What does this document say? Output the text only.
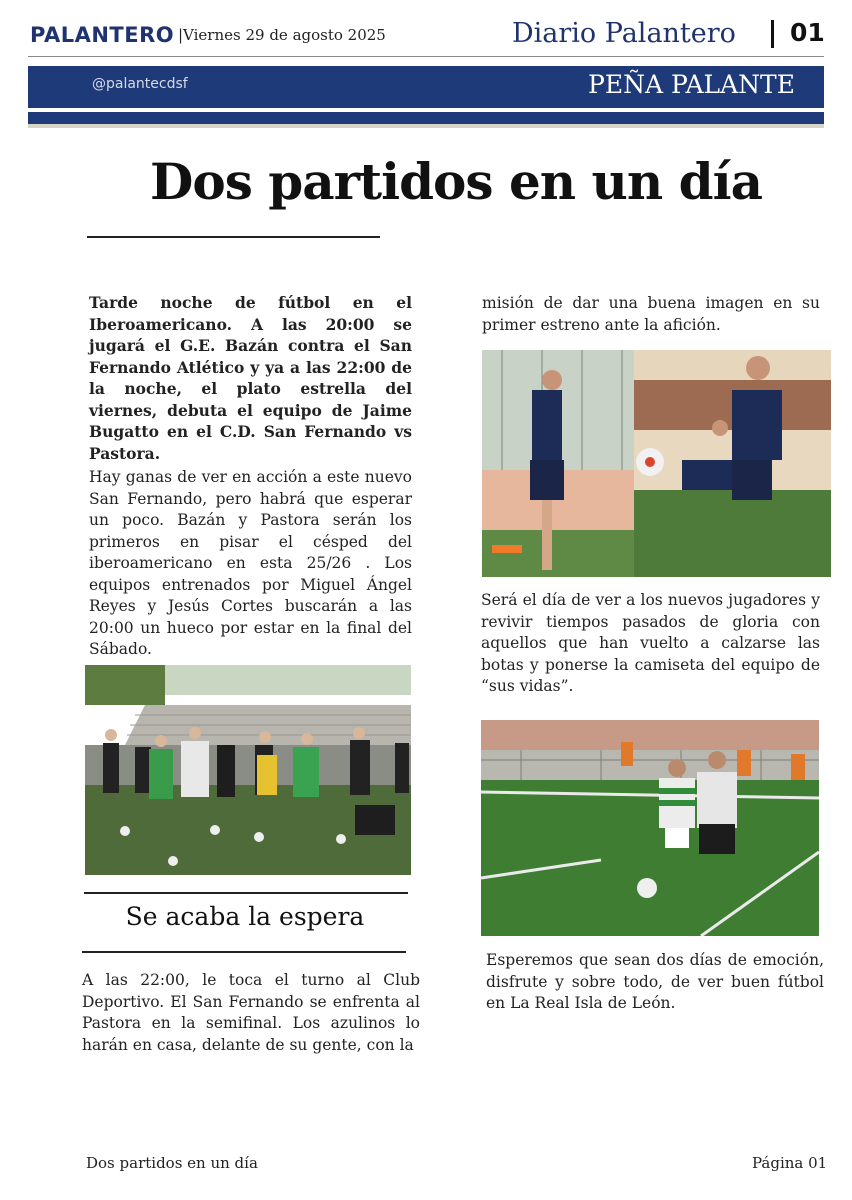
PALANTERO |Viernes 29 de agosto 2025	Diario Palantero 01
@palantecdsf	PEÑA PALANTE
Dos partidos en un día
Tarde noche de fútbol en el Iberoamericano. A las 20:00 se jugará el G.E. Bazán contra el San Fernando Atlético y ya a las 22:00 de la noche, el plato estrella del viernes, debuta el equipo de Jaime Bugatto en el C.D. San Fernando vs Pastora.
Hay ganas de ver en acción a este nuevo San Fernando, pero habrá que esperar un poco. Bazán y Pastora serán los primeros en pisar el césped del iberoamericano en esta 25/26 . Los equipos entrenados por Miguel Ángel Reyes y Jesús Cortes buscarán a las 20:00 un hueco por estar en la final del Sábado.
Se acaba la espera
A las 22:00, le toca el turno al Club Deportivo. El San Fernando se enfrenta al Pastora en la semifinal. Los azulinos lo harán en casa, delante de su gente, con la
misión de dar una buena imagen en su primer estreno ante la afición.
Será el día de ver a los nuevos jugadores y revivir tiempos pasados de gloria con aquellos que han vuelto a calzarse las botas y ponerse la camiseta del equipo de “sus vidas”.
Esperemos que sean dos días de emoción, disfrute y sobre todo, de ver buen fútbol en La Real Isla de León.
Dos partidos en un día	Página 01
